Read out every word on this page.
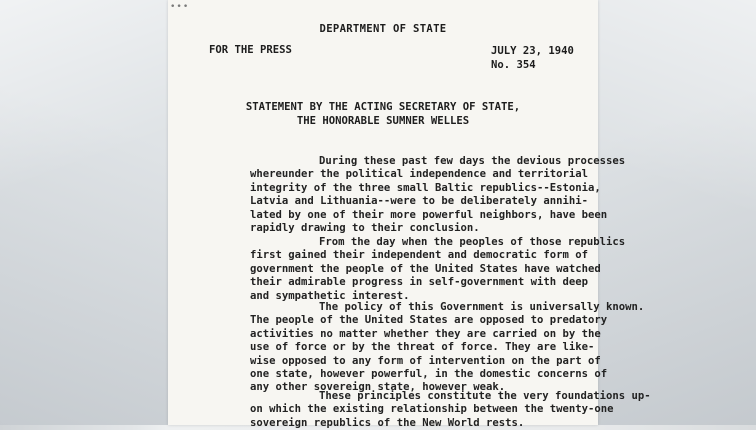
•••
DEPARTMENT OF STATE
FOR THE PRESS	JULY 23, 1940
No. 354
STATEMENT BY THE ACTING SECRETARY OF STATE,
THE HONORABLE SUMNER WELLES
During these past few days the devious processes
whereunder the political independence and territorial
integrity of the three small Baltic republics--Estonia,
Latvia and Lithuania--were to be deliberately annihi-
lated by one of their more powerful neighbors, have been
rapidly drawing to their conclusion.
From the day when the peoples of those republics
first gained their independent and democratic form of
government the people of the United States have watched
their admirable progress in self-government with deep
and sympathetic interest.
The policy of this Government is universally known.
The people of the United States are opposed to predatory
activities no matter whether they are carried on by the
use of force or by the threat of force. They are like-
wise opposed to any form of intervention on the part of
one state, however powerful, in the domestic concerns of
any other sovereign state, however weak.
These principles constitute the very foundations up-
on which the existing relationship between the twenty-one
sovereign republics of the New World rests.
